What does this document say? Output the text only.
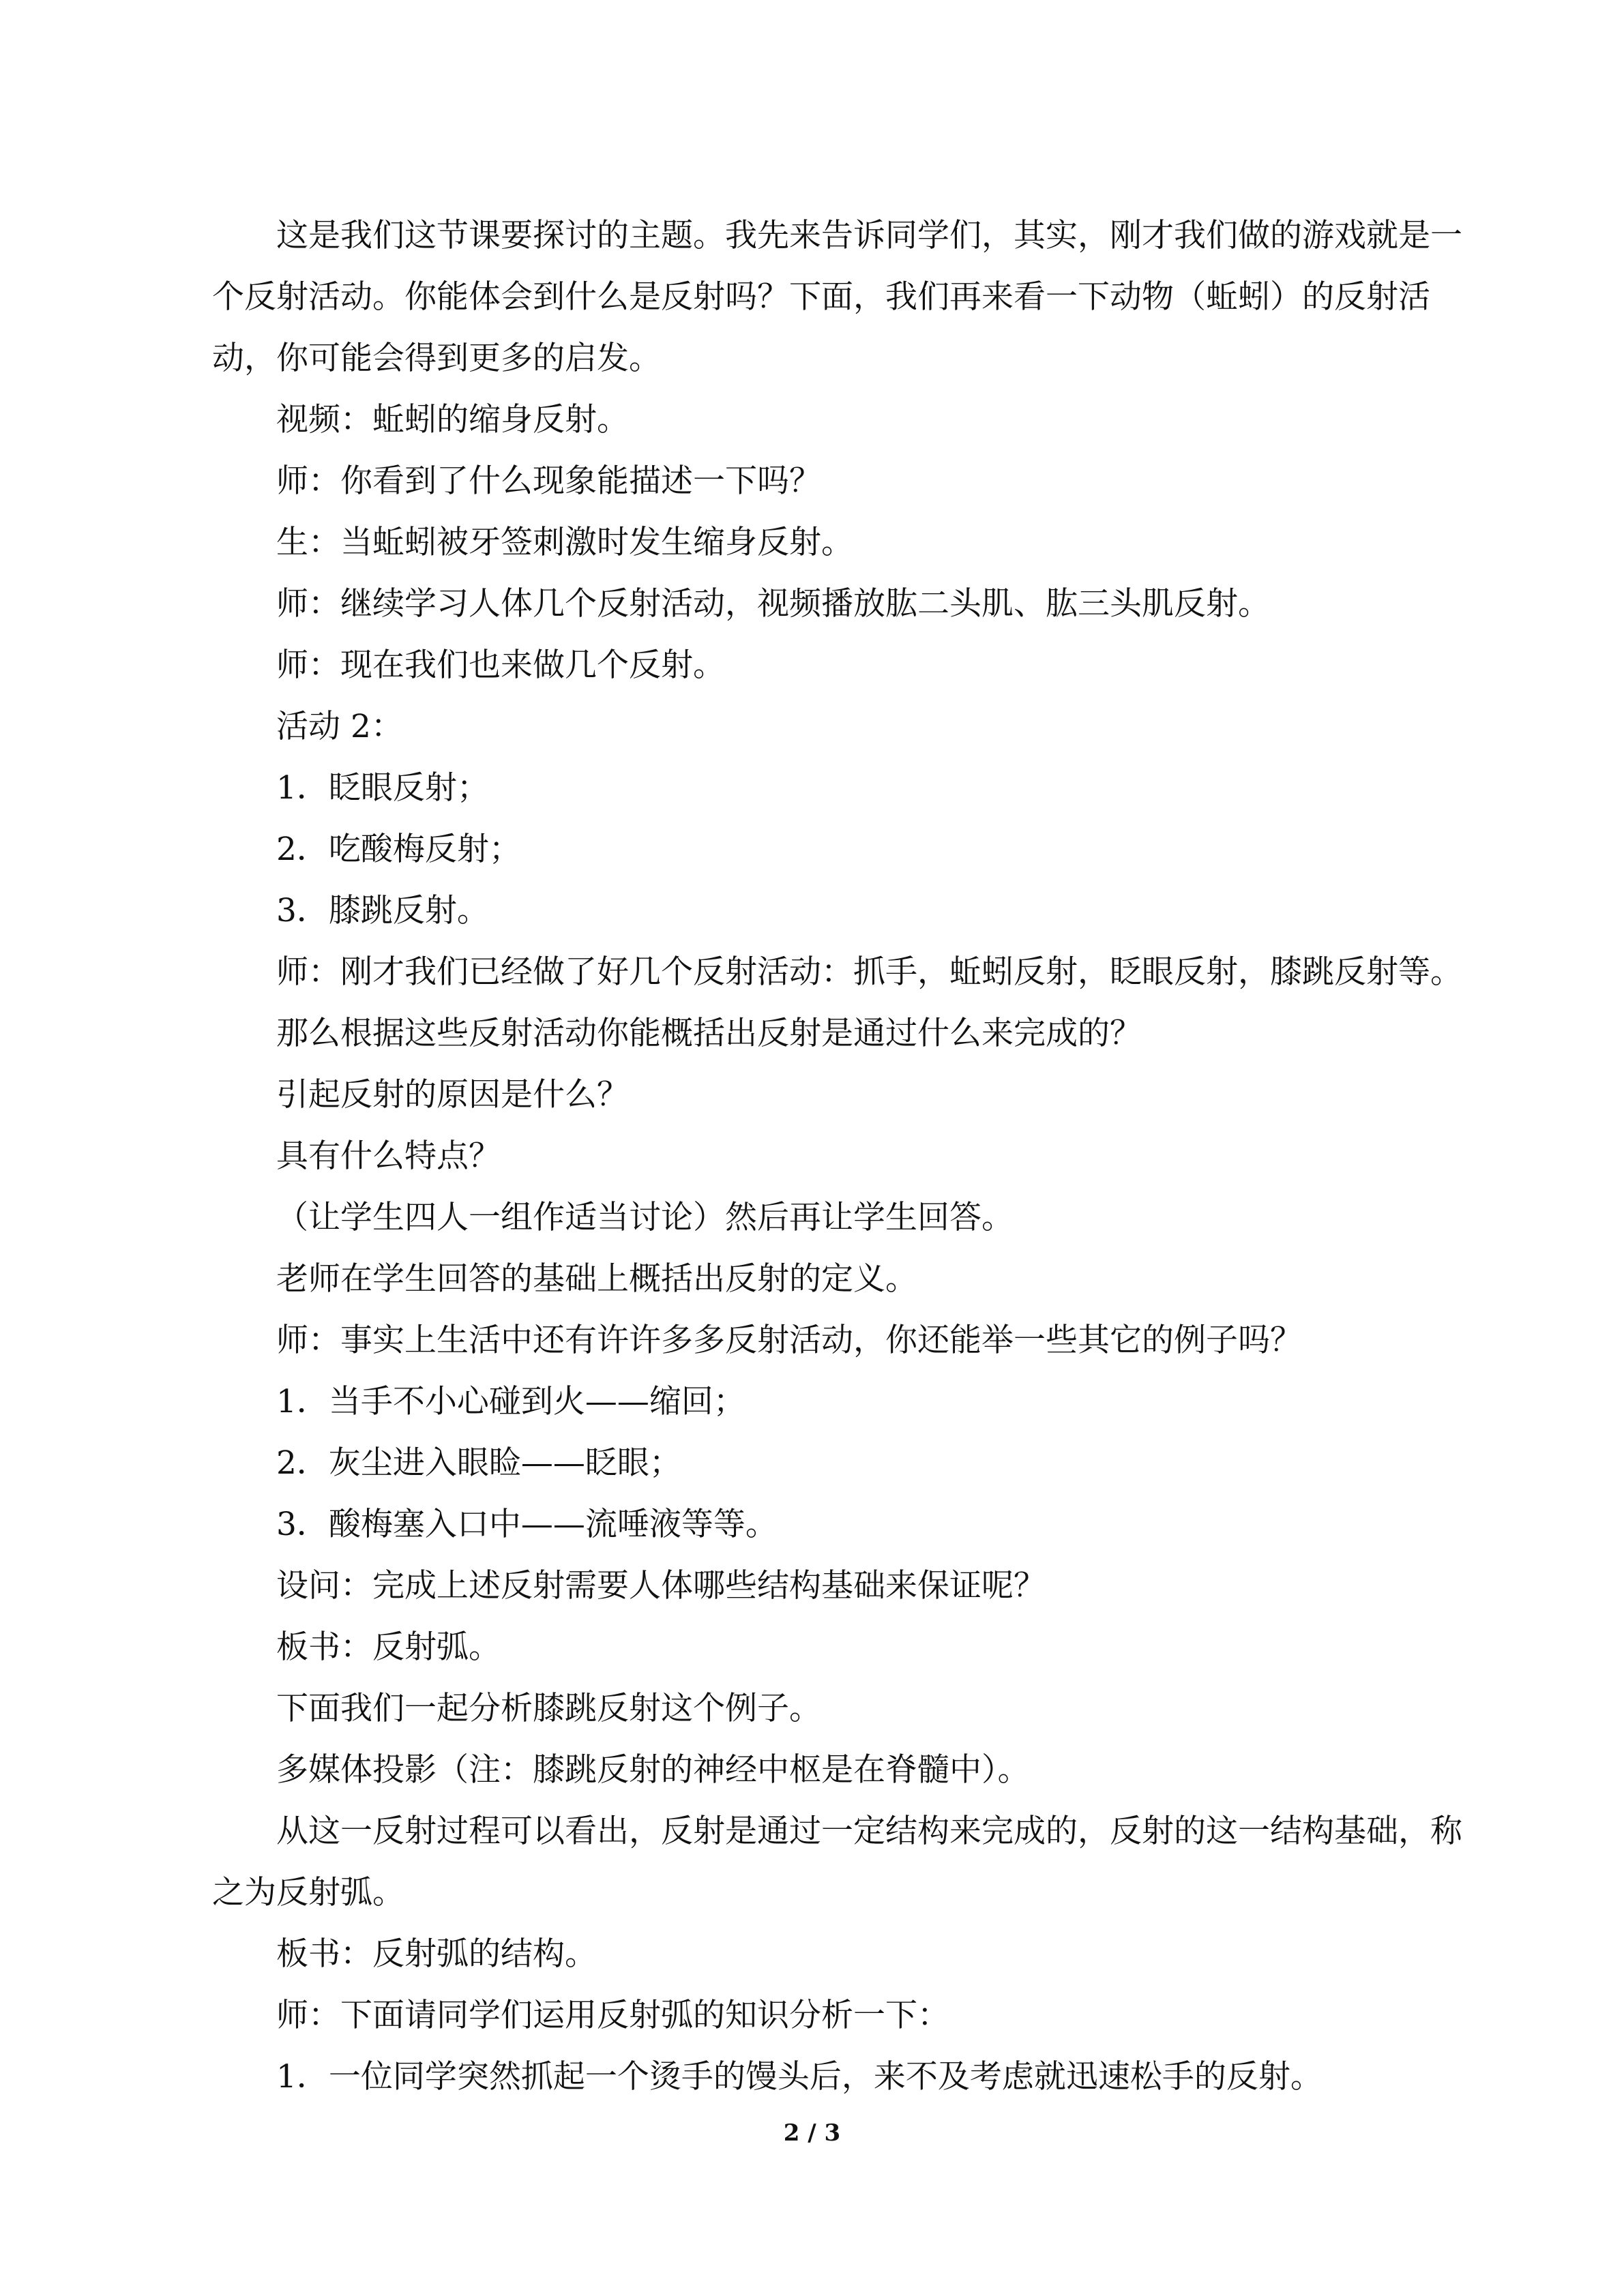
这是我们这节课要探讨的主题。我先来告诉同学们，其实，刚才我们做的游戏就是一个反射活动。你能体会到什么是反射吗？下面，我们再来看一下动物（蚯蚓）的反射活动，你可能会得到更多的启发。

视频：蚯蚓的缩身反射。

师：你看到了什么现象能描述一下吗？

生：当蚯蚓被牙签刺激时发生缩身反射。

师：继续学习人体几个反射活动，视频播放肱二头肌、肱三头肌反射。

师：现在我们也来做几个反射。

活动 2：

1．眨眼反射；

2．吃酸梅反射；

3．膝跳反射。

师：刚才我们已经做了好几个反射活动：抓手，蚯蚓反射，眨眼反射，膝跳反射等。

那么根据这些反射活动你能概括出反射是通过什么来完成的？

引起反射的原因是什么？

具有什么特点？

（让学生四人一组作适当讨论）然后再让学生回答。

老师在学生回答的基础上概括出反射的定义。

师：事实上生活中还有许许多多反射活动，你还能举一些其它的例子吗？

1．当手不小心碰到火——缩回；

2．灰尘进入眼睑——眨眼；

3．酸梅塞入口中——流唾液等等。

设问：完成上述反射需要人体哪些结构基础来保证呢？

板书：反射弧。

下面我们一起分析膝跳反射这个例子。

多媒体投影（注：膝跳反射的神经中枢是在脊髓中）。

从这一反射过程可以看出，反射是通过一定结构来完成的，反射的这一结构基础，称之为反射弧。

板书：反射弧的结构。

师：下面请同学们运用反射弧的知识分析一下：

1．一位同学突然抓起一个烫手的馒头后，来不及考虑就迅速松手的反射。

2 / 3
